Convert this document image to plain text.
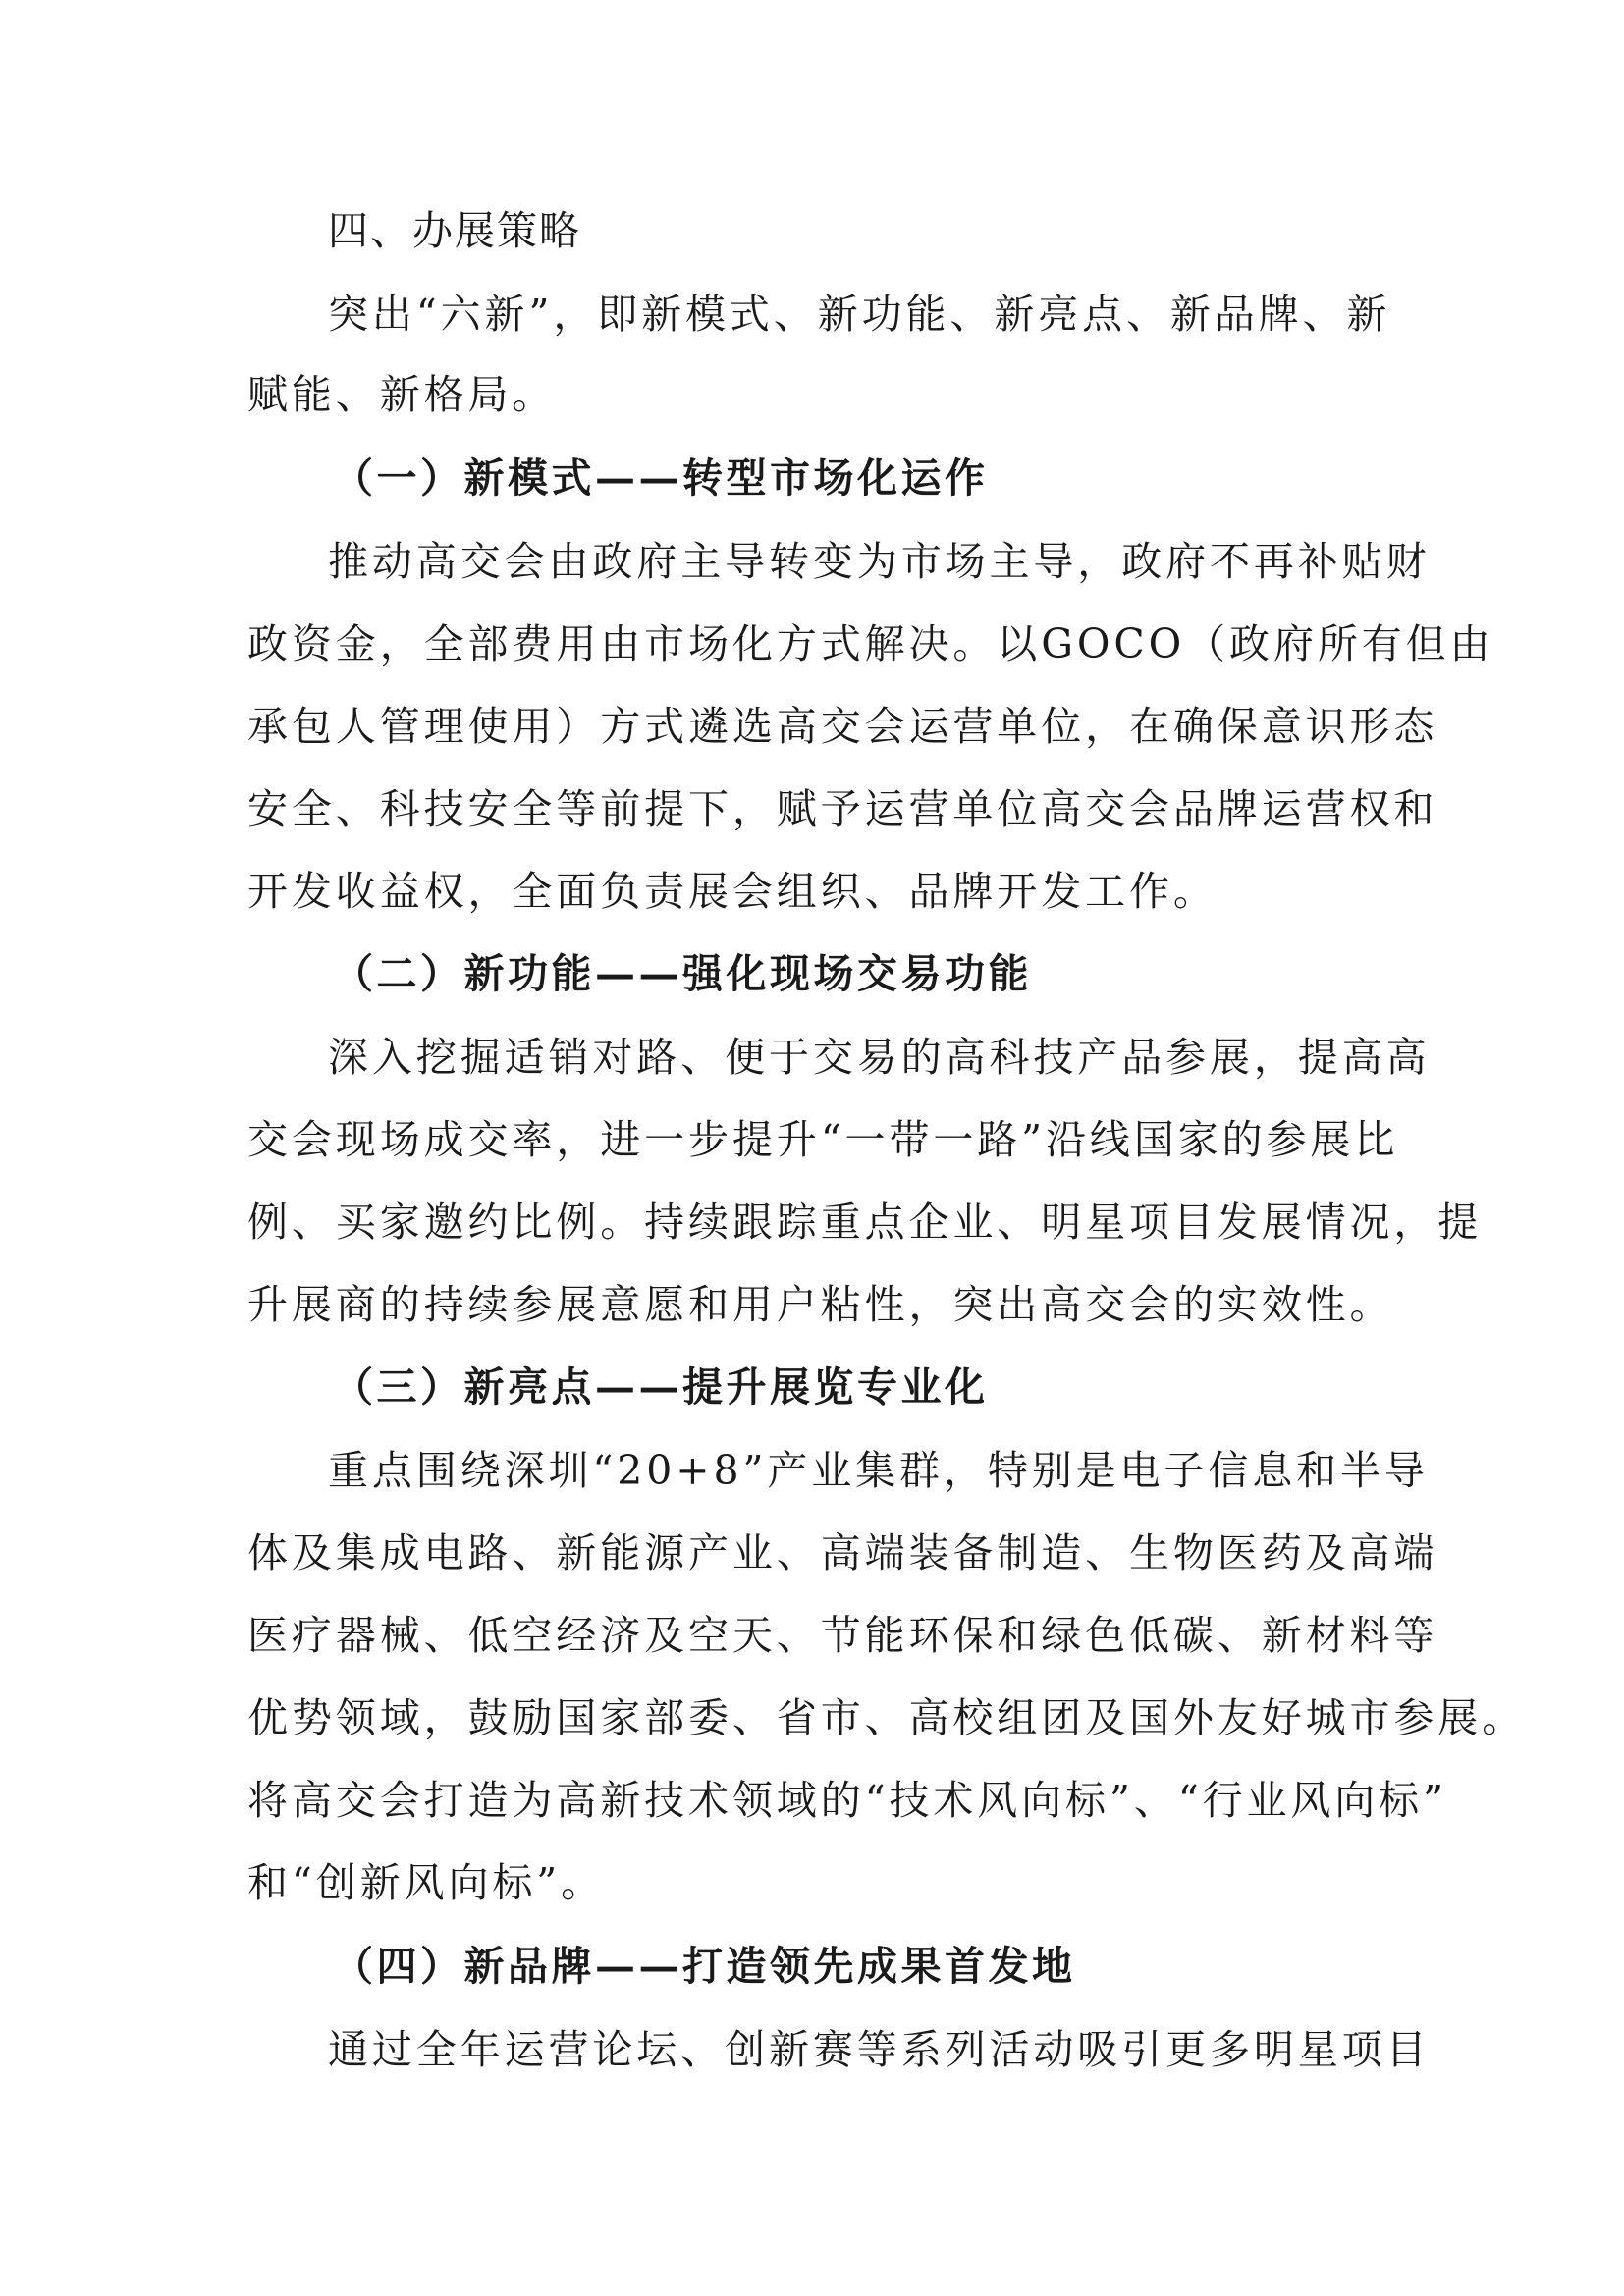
四、办展策略
突出“六新”，即新模式、新功能、新亮点、新品牌、新
赋能、新格局。
（一）新模式——转型市场化运作
推动高交会由政府主导转变为市场主导，政府不再补贴财
政资金，全部费用由市场化方式解决。以GOCO（政府所有但由
承包人管理使用）方式遴选高交会运营单位，在确保意识形态
安全、科技安全等前提下，赋予运营单位高交会品牌运营权和
开发收益权，全面负责展会组织、品牌开发工作。
（二）新功能——强化现场交易功能
深入挖掘适销对路、便于交易的高科技产品参展，提高高
交会现场成交率，进一步提升“一带一路”沿线国家的参展比
例、买家邀约比例。持续跟踪重点企业、明星项目发展情况，提
升展商的持续参展意愿和用户粘性，突出高交会的实效性。
（三）新亮点——提升展览专业化
重点围绕深圳“20+8”产业集群，特别是电子信息和半导
体及集成电路、新能源产业、高端装备制造、生物医药及高端
医疗器械、低空经济及空天、节能环保和绿色低碳、新材料等
优势领域，鼓励国家部委、省市、高校组团及国外友好城市参展。
将高交会打造为高新技术领域的“技术风向标”、“行业风向标”
和“创新风向标”。
（四）新品牌——打造领先成果首发地
通过全年运营论坛、创新赛等系列活动吸引更多明星项目
